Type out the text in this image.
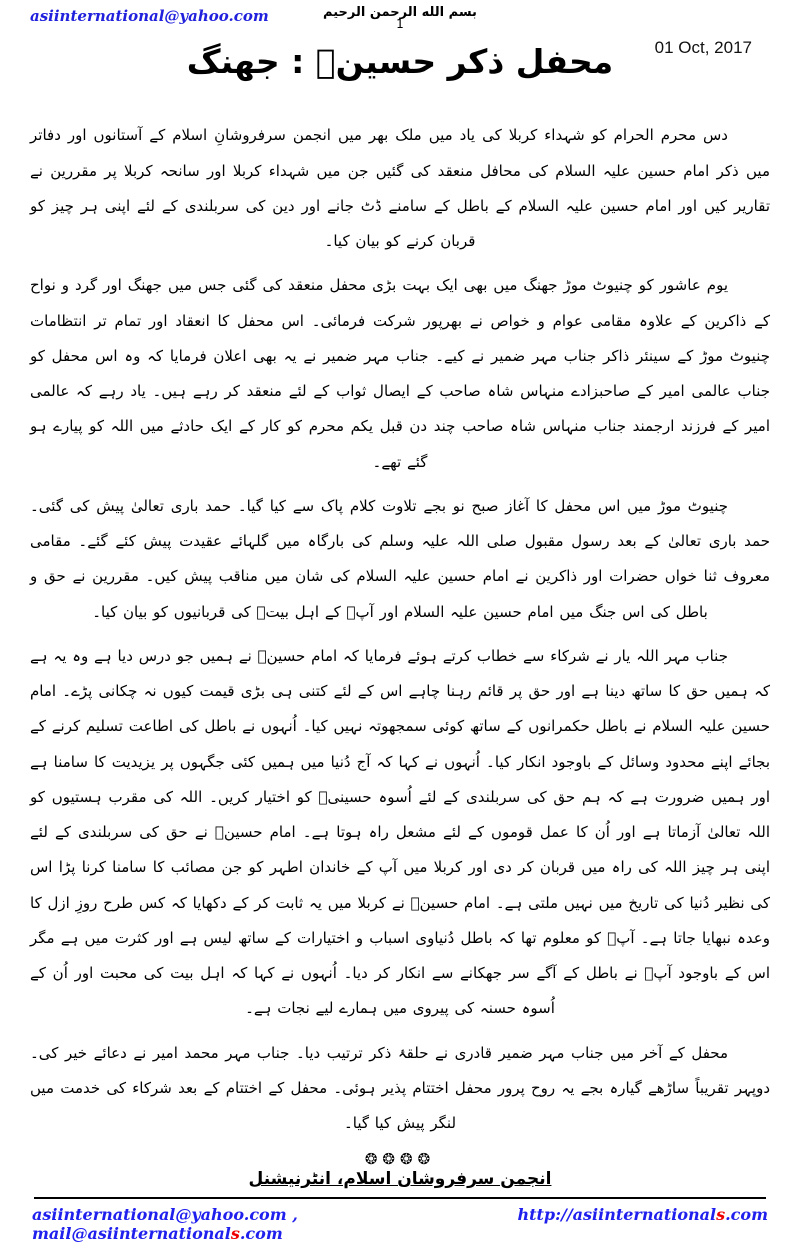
asiinternational@yahoo.com	بسم الله الرحمن الرحيم
1
01 Oct, 2017
محفل ذکر حسینؑ : جھنگ

دس محرم الحرام کو شہداء کربلا کی یاد میں ملک بھر میں انجمن سرفروشانِ اسلام کے آستانوں اور دفاتر میں ذکر امام حسین علیہ السلام کی محافل منعقد کی گئیں جن میں شہداء کربلا اور سانحہ کربلا پر مقررین نے تقاریر کیں اور امام حسین علیہ السلام کے باطل کے سامنے ڈٹ جانے اور دین کی سربلندی کے لئے اپنی ہر چیز کو قربان کرنے کو بیان کیا۔

یوم عاشور کو چنیوٹ موڑ جھنگ میں بھی ایک بہت بڑی محفل منعقد کی گئی جس میں جھنگ اور گرد و نواح کے ذاکرین کے علاوہ مقامی عوام و خواص نے بھرپور شرکت فرمائی۔ اس محفل کا انعقاد اور تمام تر انتظامات چنیوٹ موڑ کے سینئر ذاکر جناب مہر ضمیر نے کیے۔ جناب مہر ضمیر نے یہ بھی اعلان فرمایا کہ وہ اس محفل کو جناب عالمی امیر کے صاحبزادے منہاس شاہ صاحب کے ایصال ثواب کے لئے منعقد کر رہے ہیں۔ یاد رہے کہ عالمی امیر کے فرزند ارجمند جناب منہاس شاہ صاحب چند دن قبل یکم محرم کو کار کے ایک حادثے میں اللہ کو پیارے ہو گئے تھے۔

چنیوٹ موڑ میں اس محفل کا آغاز صبح نو بجے تلاوت کلام پاک سے کیا گیا۔ حمد باری تعالیٰ پیش کی گئی۔ حمد باری تعالیٰ کے بعد رسول مقبول صلی اللہ علیہ وسلم کی بارگاہ میں گلہائے عقیدت پیش کئے گئے۔ مقامی معروف ثنا خواں حضرات اور ذاکرین نے امام حسین علیہ السلام کی شان میں مناقب پیش کیں۔ مقررین نے حق و باطل کی اس جنگ میں امام حسین علیہ السلام اور آپؑ کے اہل بیتؑ کی قربانیوں کو بیان کیا۔

جناب مہر اللہ یار نے شرکاء سے خطاب کرتے ہوئے فرمایا کہ امام حسینؑ نے ہمیں جو درس دیا ہے وہ یہ ہے کہ ہمیں حق کا ساتھ دینا ہے اور حق پر قائم رہنا چاہے اس کے لئے کتنی ہی بڑی قیمت کیوں نہ چکانی پڑے۔ امام حسین علیہ السلام نے باطل حکمرانوں کے ساتھ کوئی سمجھوتہ نہیں کیا۔ اُنہوں نے باطل کی اطاعت تسلیم کرنے کے بجائے اپنے محدود وسائل کے باوجود انکار کیا۔ اُنہوں نے کہا کہ آج دُنیا میں ہمیں کئی جگہوں پر یزیدیت کا سامنا ہے اور ہمیں ضرورت ہے کہ ہم حق کی سربلندی کے لئے اُسوہ حسینیؑ کو اختیار کریں۔ اللہ کی مقرب ہستیوں کو اللہ تعالیٰ آزماتا ہے اور اُن کا عمل قوموں کے لئے مشعل راہ ہوتا ہے۔ امام حسینؑ نے حق کی سربلندی کے لئے اپنی ہر چیز اللہ کی راہ میں قربان کر دی اور کربلا میں آپ کے خاندان اطہر کو جن مصائب کا سامنا کرنا پڑا اس کی نظیر دُنیا کی تاریخ میں نہیں ملتی ہے۔ امام حسینؑ نے کربلا میں یہ ثابت کر کے دکھایا کہ کس طرح روزِ ازل کا وعدہ نبھایا جاتا ہے۔ آپؑ کو معلوم تھا کہ باطل دُنیاوی اسباب و اختیارات کے ساتھ لیس ہے اور کثرت میں ہے مگر اس کے باوجود آپؑ نے باطل کے آگے سر جھکانے سے انکار کر دیا۔ اُنہوں نے کہا کہ اہل بیت کی محبت اور اُن کے اُسوہ حسنہ کی پیروی میں ہمارے لیے نجات ہے۔

محفل کے آخر میں جناب مہر ضمیر قادری نے حلقۂ ذکر ترتیب دیا۔ جناب مہر محمد امیر نے دعائے خیر کی۔ دوپہر تقریباً ساڑھے گیارہ بجے یہ روح پرور محفل اختتام پذیر ہوئی۔ محفل کے اختتام کے بعد شرکاء کی خدمت میں لنگر پیش کیا گیا۔

❂❂❂❂
انجمن سرفروشان اسلام، انٹرنیشنل
asiinternational@yahoo.com , mail@asiinternationals.com
http://asiinternationals.com
